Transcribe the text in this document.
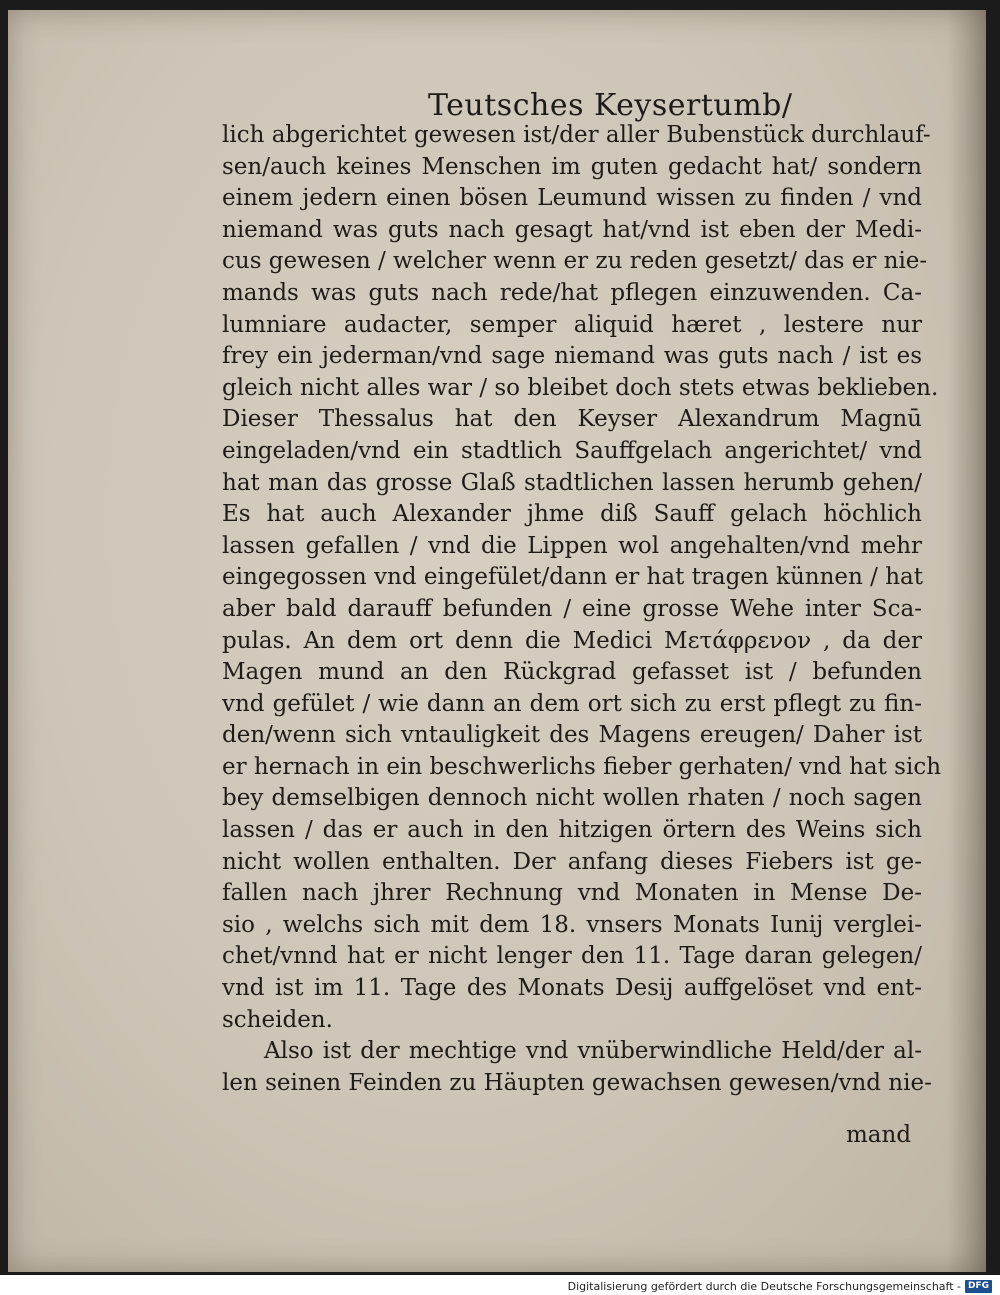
Teutsches Keysertumb/
lich abgerichtet gewesen ist/der aller Bubenstück durchlauf-
sen/auch keines Menschen im guten gedacht hat/ sondern
einem jedern einen bösen Leumund wissen zu finden / vnd
niemand was guts nach gesagt hat/vnd ist eben der Medi-
cus gewesen / welcher wenn er zu reden gesetzt/ das er nie-
mands was guts nach rede/hat pflegen einzuwenden. Ca-
lumniare audacter, semper aliquid hæret , lestere nur
frey ein jederman/vnd sage niemand was guts nach / ist es
gleich nicht alles war / so bleibet doch stets etwas beklieben.
Dieser Thessalus hat den Keyser Alexandrum Magnū
eingeladen/vnd ein stadtlich Sauffgelach angerichtet/ vnd
hat man das grosse Glaß stadtlichen lassen herumb gehen/
Es hat auch Alexander jhme diß Sauff gelach höchlich
lassen gefallen / vnd die Lippen wol angehalten/vnd mehr
eingegossen vnd eingefület/dann er hat tragen künnen / hat
aber bald darauff befunden / eine grosse Wehe inter Sca-
pulas. An dem ort denn die Medici Μετάφρενον , da der
Magen mund an den Rückgrad gefasset ist / befunden
vnd gefület / wie dann an dem ort sich zu erst pflegt zu fin-
den/wenn sich vntauligkeit des Magens ereugen/ Daher ist
er hernach in ein beschwerlichs fieber gerhaten/ vnd hat sich
bey demselbigen dennoch nicht wollen rhaten / noch sagen
lassen / das er auch in den hitzigen örtern des Weins sich
nicht wollen enthalten. Der anfang dieses Fiebers ist ge-
fallen nach jhrer Rechnung vnd Monaten in Mense De-
sio , welchs sich mit dem 18. vnsers Monats Iunij verglei-
chet/vnnd hat er nicht lenger den 11. Tage daran gelegen/
vnd ist im 11. Tage des Monats Desij auffgelöset vnd ent-
scheiden.
Also ist der mechtige vnd vnüberwindliche Held/der al-
len seinen Feinden zu Häupten gewachsen gewesen/vnd nie-
mand
Digitalisierung gefördert durch die Deutsche Forschungsgemeinschaft - DFG
